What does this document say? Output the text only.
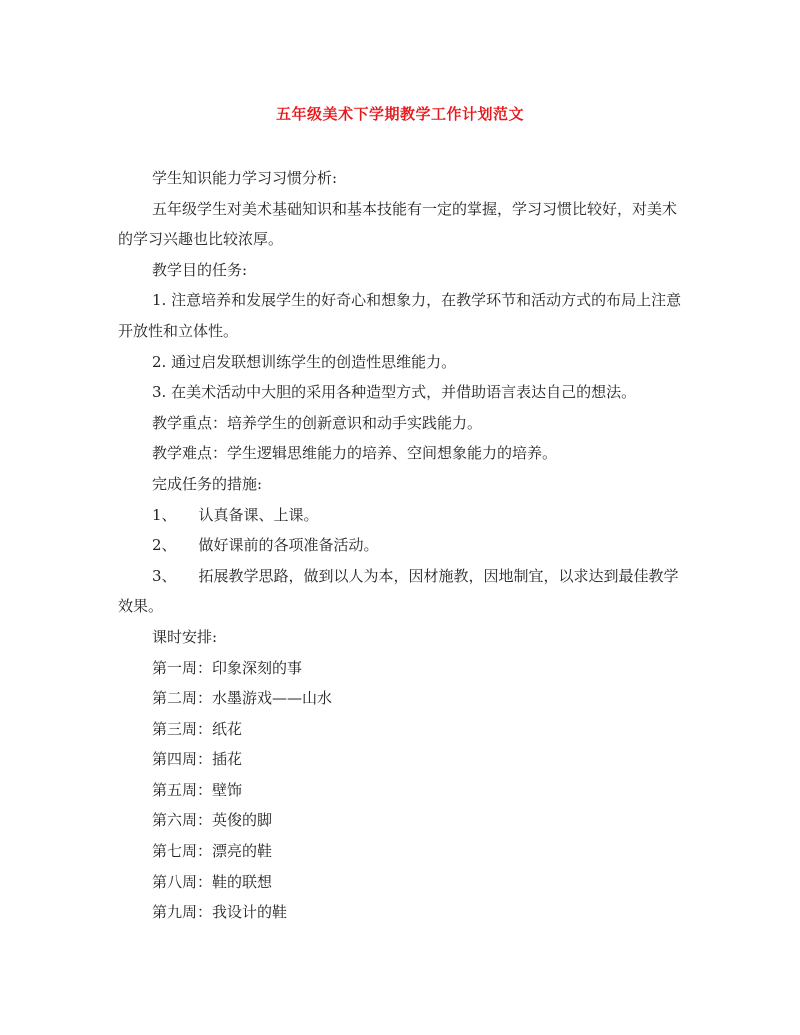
五年级美术下学期教学工作计划范文

学生知识能力学习习惯分析:

五年级学生对美术基础知识和基本技能有一定的掌握，学习习惯比较好，对美术的学习兴趣也比较浓厚。

教学目的任务:

1. 注意培养和发展学生的好奇心和想象力，在教学环节和活动方式的布局上注意开放性和立体性。

2. 通过启发联想训练学生的创造性思维能力。

3. 在美术活动中大胆的采用各种造型方式，并借助语言表达自己的想法。

教学重点：培养学生的创新意识和动手实践能力。

教学难点：学生逻辑思维能力的培养、空间想象能力的培养。

完成任务的措施:

1、 认真备课、上课。

2、 做好课前的各项准备活动。

3、 拓展教学思路，做到以人为本，因材施教，因地制宜，以求达到最佳教学效果。

课时安排:

第一周：印象深刻的事

第二周：水墨游戏——山水

第三周：纸花

第四周：插花

第五周：壁饰

第六周：英俊的脚

第七周：漂亮的鞋

第八周：鞋的联想

第九周：我设计的鞋
